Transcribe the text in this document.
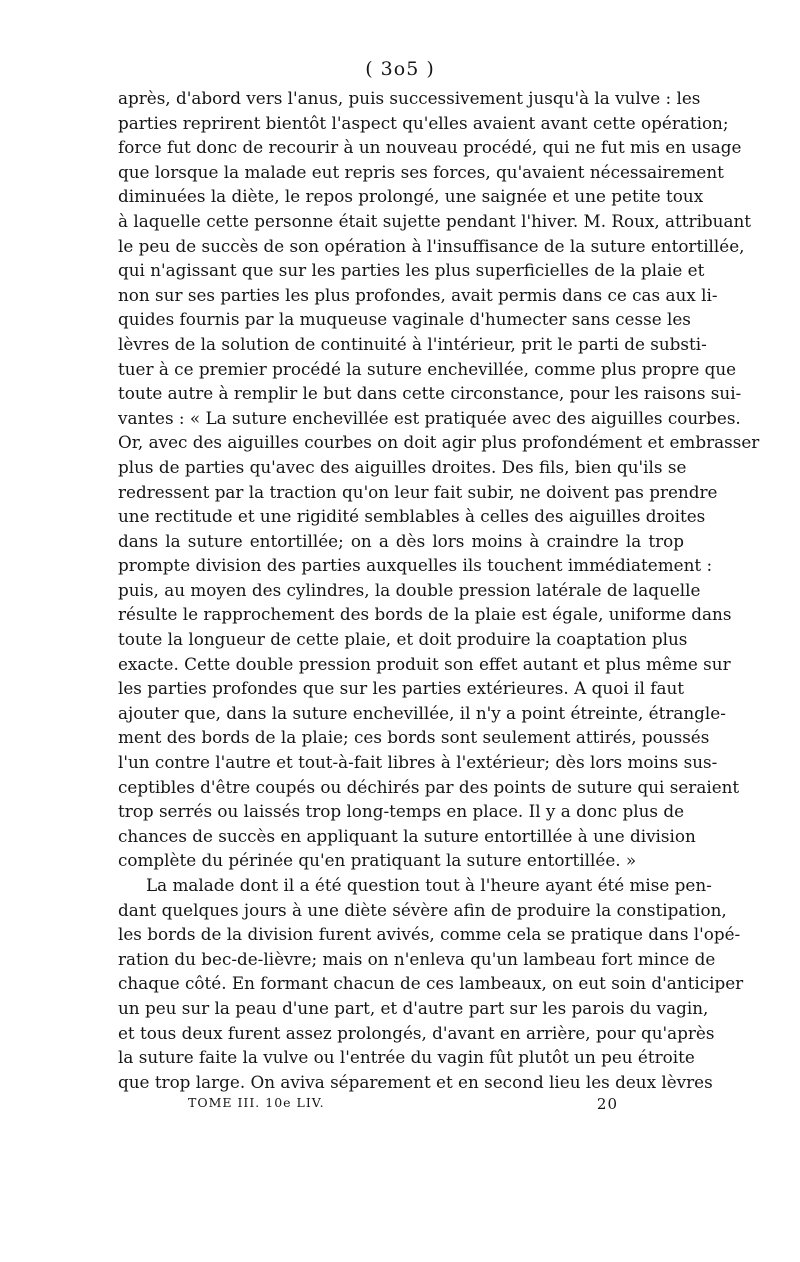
( 3o5 )
après, d'abord vers l'anus, puis successivement jusqu'à la vulve : les
parties reprirent bientôt l'aspect qu'elles avaient avant cette opération;
force fut donc de recourir à un nouveau procédé, qui ne fut mis en usage
que lorsque la malade eut repris ses forces, qu'avaient nécessairement
diminuées la diète, le repos prolongé, une saignée et une petite toux
à laquelle cette personne était sujette pendant l'hiver. M. Roux, attribuant
le peu de succès de son opération à l'insuffisance de la suture entortillée,
qui n'agissant que sur les parties les plus superficielles de la plaie et
non sur ses parties les plus profondes, avait permis dans ce cas aux li-
quides fournis par la muqueuse vaginale d'humecter sans cesse les
lèvres de la solution de continuité à l'intérieur, prit le parti de substi-
tuer à ce premier procédé la suture enchevillée, comme plus propre que
toute autre à remplir le but dans cette circonstance, pour les raisons sui-
vantes : « La suture enchevillée est pratiquée avec des aiguilles courbes.
Or, avec des aiguilles courbes on doit agir plus profondément et embrasser
plus de parties qu'avec des aiguilles droites. Des fils, bien qu'ils se
redressent par la traction qu'on leur fait subir, ne doivent pas prendre
une rectitude et une rigidité semblables à celles des aiguilles droites
dans la suture entortillée; on a dès lors moins à craindre la trop
prompte division des parties auxquelles ils touchent immédiatement :
puis, au moyen des cylindres, la double pression latérale de laquelle
résulte le rapprochement des bords de la plaie est égale, uniforme dans
toute la longueur de cette plaie, et doit produire la coaptation plus
exacte. Cette double pression produit son effet autant et plus même sur
les parties profondes que sur les parties extérieures. A quoi il faut
ajouter que, dans la suture enchevillée, il n'y a point étreinte, étrangle-
ment des bords de la plaie; ces bords sont seulement attirés, poussés
l'un contre l'autre et tout-à-fait libres à l'extérieur; dès lors moins sus-
ceptibles d'être coupés ou déchirés par des points de suture qui seraient
trop serrés ou laissés trop long-temps en place. Il y a donc plus de
chances de succès en appliquant la suture entortillée à une division
complète du périnée qu'en pratiquant la suture entortillée. »
La malade dont il a été question tout à l'heure ayant été mise pen-
dant quelques jours à une diète sévère afin de produire la constipation,
les bords de la division furent avivés, comme cela se pratique dans l'opé-
ration du bec-de-lièvre; mais on n'enleva qu'un lambeau fort mince de
chaque côté. En formant chacun de ces lambeaux, on eut soin d'anticiper
un peu sur la peau d'une part, et d'autre part sur les parois du vagin,
et tous deux furent assez prolongés, d'avant en arrière, pour qu'après
la suture faite la vulve ou l'entrée du vagin fût plutôt un peu étroite
que trop large. On aviva séparement et en second lieu les deux lèvres
TOME III. 10e LIV.	20
